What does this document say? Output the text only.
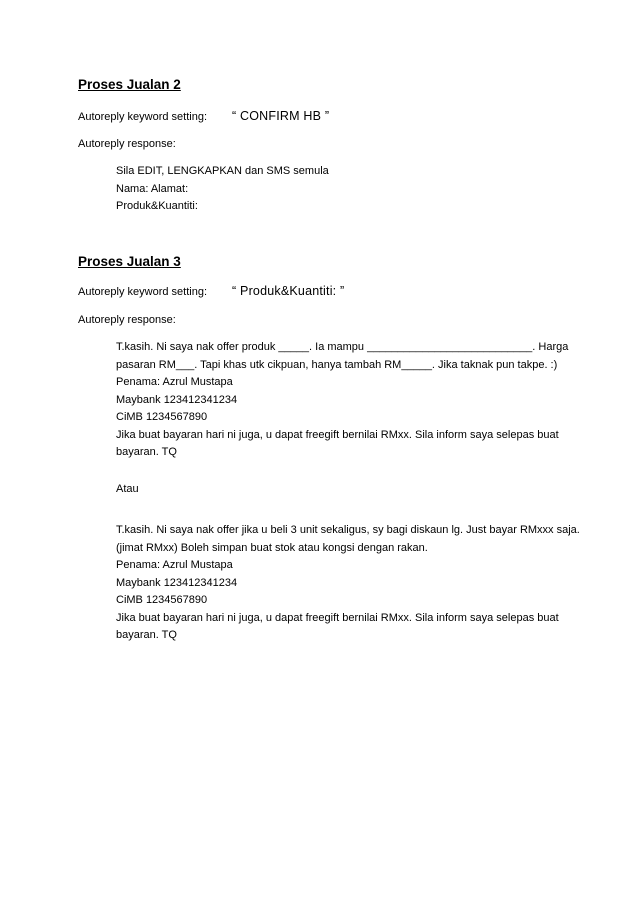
Proses Jualan 2
Autoreply keyword setting: “ CONFIRM HB ”
Autoreply response:
Sila EDIT, LENGKAPKAN dan SMS semula
Nama: Alamat:
Produk&Kuantiti:
Proses Jualan 3
Autoreply keyword setting: “ Produk&Kuantiti: ”
Autoreply response:
T.kasih. Ni saya nak offer produk _____. Ia mampu ___________________________. Harga
pasaran RM___. Tapi khas utk cikpuan, hanya tambah RM_____. Jika taknak pun takpe. :)
Penama: Azrul Mustapa
Maybank 123412341234
CiMB 1234567890
Jika buat bayaran hari ni juga, u dapat freegift bernilai RMxx. Sila inform saya selepas buat
bayaran. TQ
Atau
T.kasih. Ni saya nak offer jika u beli 3 unit sekaligus, sy bagi diskaun lg. Just bayar RMxxx saja.
(jimat RMxx) Boleh simpan buat stok atau kongsi dengan rakan.
Penama: Azrul Mustapa
Maybank 123412341234
CiMB 1234567890
Jika buat bayaran hari ni juga, u dapat freegift bernilai RMxx. Sila inform saya selepas buat
bayaran. TQ
